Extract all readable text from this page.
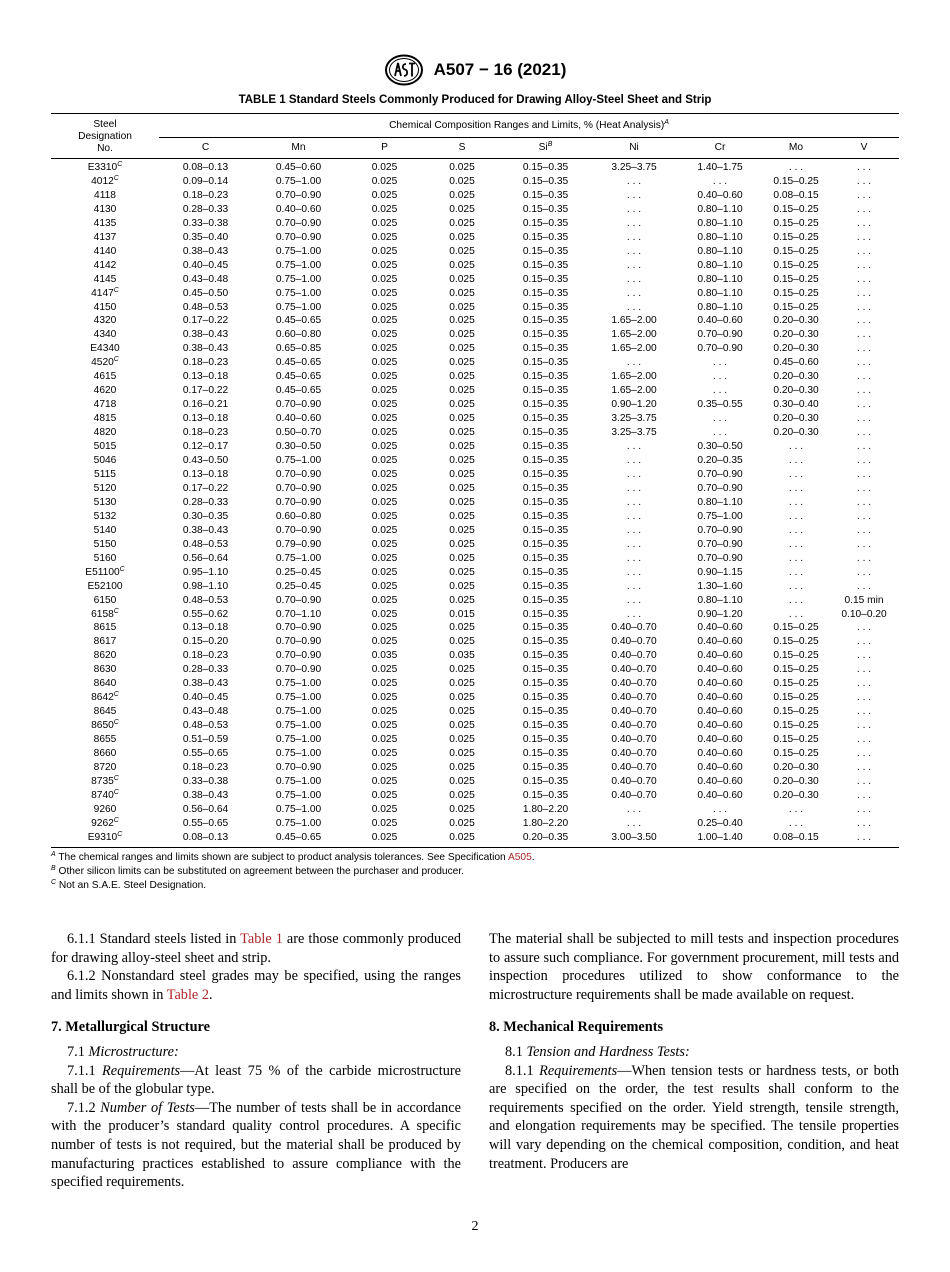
A507 − 16 (2021)
TABLE 1 Standard Steels Commonly Produced for Drawing Alloy-Steel Sheet and Strip
Steel
Designation
No.	Chemical Composition Ranges and Limits, % (Heat Analysis)$^A$
	C	Mn	P	S	$Si^B$	Ni	Cr	Mo	V
$E3310^C$	0.08–0.13	0.45–0.60	0.025	0.025	0.15–0.35	3.25–3.75	1.40–1.75	. . .	. . .
$4012^C$	0.09–0.14	0.75–1.00	0.025	0.025	0.15–0.35	. . .	. . .	0.15–0.25	. . .
4118	0.18–0.23	0.70–0.90	0.025	0.025	0.15–0.35	. . .	0.40–0.60	0.08–0.15	. . .
4130	0.28–0.33	0.40–0.60	0.025	0.025	0.15–0.35	. . .	0.80–1.10	0.15–0.25	. . .
4135	0.33–0.38	0.70–0.90	0.025	0.025	0.15–0.35	. . .	0.80–1.10	0.15–0.25	. . .
4137	0.35–0.40	0.70–0.90	0.025	0.025	0.15–0.35	. . .	0.80–1.10	0.15–0.25	. . .
4140	0.38–0.43	0.75–1.00	0.025	0.025	0.15–0.35	. . .	0.80–1.10	0.15–0.25	. . .
4142	0.40–0.45	0.75–1.00	0.025	0.025	0.15–0.35	. . .	0.80–1.10	0.15–0.25	. . .
4145	0.43–0.48	0.75–1.00	0.025	0.025	0.15–0.35	. . .	0.80–1.10	0.15–0.25	. . .
$4147^C$	0.45–0.50	0.75–1.00	0.025	0.025	0.15–0.35	. . .	0.80–1.10	0.15–0.25	. . .
4150	0.48–0.53	0.75–1.00	0.025	0.025	0.15–0.35	. . .	0.80–1.10	0.15–0.25	. . .
4320	0.17–0.22	0.45–0.65	0.025	0.025	0.15–0.35	1.65–2.00	0.40–0.60	0.20–0.30	. . .
4340	0.38–0.43	0.60–0.80	0.025	0.025	0.15–0.35	1.65–2.00	0.70–0.90	0.20–0.30	. . .
E4340	0.38–0.43	0.65–0.85	0.025	0.025	0.15–0.35	1.65–2.00	0.70–0.90	0.20–0.30	. . .
$4520^C$	0.18–0.23	0.45–0.65	0.025	0.025	0.15–0.35	. . .	. . .	0.45–0.60	. . .
4615	0.13–0.18	0.45–0.65	0.025	0.025	0.15–0.35	1.65–2.00	. . .	0.20–0.30	. . .
4620	0.17–0.22	0.45–0.65	0.025	0.025	0.15–0.35	1.65–2.00	. . .	0.20–0.30	. . .
4718	0.16–0.21	0.70–0.90	0.025	0.025	0.15–0.35	0.90–1.20	0.35–0.55	0.30–0.40	. . .
4815	0.13–0.18	0.40–0.60	0.025	0.025	0.15–0.35	3.25–3.75	. . .	0.20–0.30	. . .
4820	0.18–0.23	0.50–0.70	0.025	0.025	0.15–0.35	3.25–3.75	. . .	0.20–0.30	. . .
5015	0.12–0.17	0.30–0.50	0.025	0.025	0.15–0.35	. . .	0.30–0.50	. . .	. . .
5046	0.43–0.50	0.75–1.00	0.025	0.025	0.15–0.35	. . .	0.20–0.35	. . .	. . .
5115	0.13–0.18	0.70–0.90	0.025	0.025	0.15–0.35	. . .	0.70–0.90	. . .	. . .
5120	0.17–0.22	0.70–0.90	0.025	0.025	0.15–0.35	. . .	0.70–0.90	. . .	. . .
5130	0.28–0.33	0.70–0.90	0.025	0.025	0.15–0.35	. . .	0.80–1.10	. . .	. . .
5132	0.30–0.35	0.60–0.80	0.025	0.025	0.15–0.35	. . .	0.75–1.00	. . .	. . .
5140	0.38–0.43	0.70–0.90	0.025	0.025	0.15–0.35	. . .	0.70–0.90	. . .	. . .
5150	0.48–0.53	0.79–0.90	0.025	0.025	0.15–0.35	. . .	0.70–0.90	. . .	. . .
5160	0.56–0.64	0.75–1.00	0.025	0.025	0.15–0.35	. . .	0.70–0.90	. . .	. . .
$E51100^C$	0.95–1.10	0.25–0.45	0.025	0.025	0.15–0.35	. . .	0.90–1.15	. . .	. . .
E52100	0.98–1.10	0.25–0.45	0.025	0.025	0.15–0.35	. . .	1.30–1.60	. . .	. . .
6150	0.48–0.53	0.70–0.90	0.025	0.025	0.15–0.35	. . .	0.80–1.10	. . .	0.15 min
$6158^C$	0.55–0.62	0.70–1.10	0.025	0.015	0.15–0.35	. . .	0.90–1.20	. . .	0.10–0.20
8615	0.13–0.18	0.70–0.90	0.025	0.025	0.15–0.35	0.40–0.70	0.40–0.60	0.15–0.25	. . .
8617	0.15–0.20	0.70–0.90	0.025	0.025	0.15–0.35	0.40–0.70	0.40–0.60	0.15–0.25	. . .
8620	0.18–0.23	0.70–0.90	0.035	0.035	0.15–0.35	0.40–0.70	0.40–0.60	0.15–0.25	. . .
8630	0.28–0.33	0.70–0.90	0.025	0.025	0.15–0.35	0.40–0.70	0.40–0.60	0.15–0.25	. . .
8640	0.38–0.43	0.75–1.00	0.025	0.025	0.15–0.35	0.40–0.70	0.40–0.60	0.15–0.25	. . .
$8642^C$	0.40–0.45	0.75–1.00	0.025	0.025	0.15–0.35	0.40–0.70	0.40–0.60	0.15–0.25	. . .
8645	0.43–0.48	0.75–1.00	0.025	0.025	0.15–0.35	0.40–0.70	0.40–0.60	0.15–0.25	. . .
$8650^C$	0.48–0.53	0.75–1.00	0.025	0.025	0.15–0.35	0.40–0.70	0.40–0.60	0.15–0.25	. . .
8655	0.51–0.59	0.75–1.00	0.025	0.025	0.15–0.35	0.40–0.70	0.40–0.60	0.15–0.25	. . .
8660	0.55–0.65	0.75–1.00	0.025	0.025	0.15–0.35	0.40–0.70	0.40–0.60	0.15–0.25	. . .
8720	0.18–0.23	0.70–0.90	0.025	0.025	0.15–0.35	0.40–0.70	0.40–0.60	0.20–0.30	. . .
$8735^C$	0.33–0.38	0.75–1.00	0.025	0.025	0.15–0.35	0.40–0.70	0.40–0.60	0.20–0.30	. . .
$8740^C$	0.38–0.43	0.75–1.00	0.025	0.025	0.15–0.35	0.40–0.70	0.40–0.60	0.20–0.30	. . .
9260	0.56–0.64	0.75–1.00	0.025	0.025	1.80–2.20	. . .	. . .	. . .	. . .
$9262^C$	0.55–0.65	0.75–1.00	0.025	0.025	1.80–2.20	. . .	0.25–0.40	. . .	. . .
$E9310^C$	0.08–0.13	0.45–0.65	0.025	0.025	0.20–0.35	3.00–3.50	1.00–1.40	0.08–0.15	. . .
$^A$ The chemical ranges and limits shown are subject to product analysis tolerances. See Specification A505.
$^B$ Other silicon limits can be substituted on agreement between the purchaser and producer.
$^C$ Not an S.A.E. Steel Designation.

6.1.1 Standard steels listed in Table 1 are those commonly produced for drawing alloy-steel sheet and strip.

6.1.2 Nonstandard steel grades may be specified, using the ranges and limits shown in Table 2.

7. Metallurgical Structure

7.1 Microstructure:

7.1.1 Requirements—At least 75 % of the carbide microstructure shall be of the globular type.

7.1.2 Number of Tests—The number of tests shall be in accordance with the producer’s standard quality control procedures. A specific number of tests is not required, but the material shall be produced by manufacturing practices established to assure compliance with the specified requirements.

The material shall be subjected to mill tests and inspection procedures to assure such compliance. For government procurement, mill tests and inspection procedures utilized to show conformance to the microstructure requirements shall be made available on request.

8. Mechanical Requirements

8.1 Tension and Hardness Tests:

8.1.1 Requirements—When tension tests or hardness tests, or both are specified on the order, the test results shall conform to the requirements specified on the order. Yield strength, tensile strength, and elongation requirements may be specified. The tensile properties will vary depending on the chemical composition, condition, and heat treatment. Producers are

2
